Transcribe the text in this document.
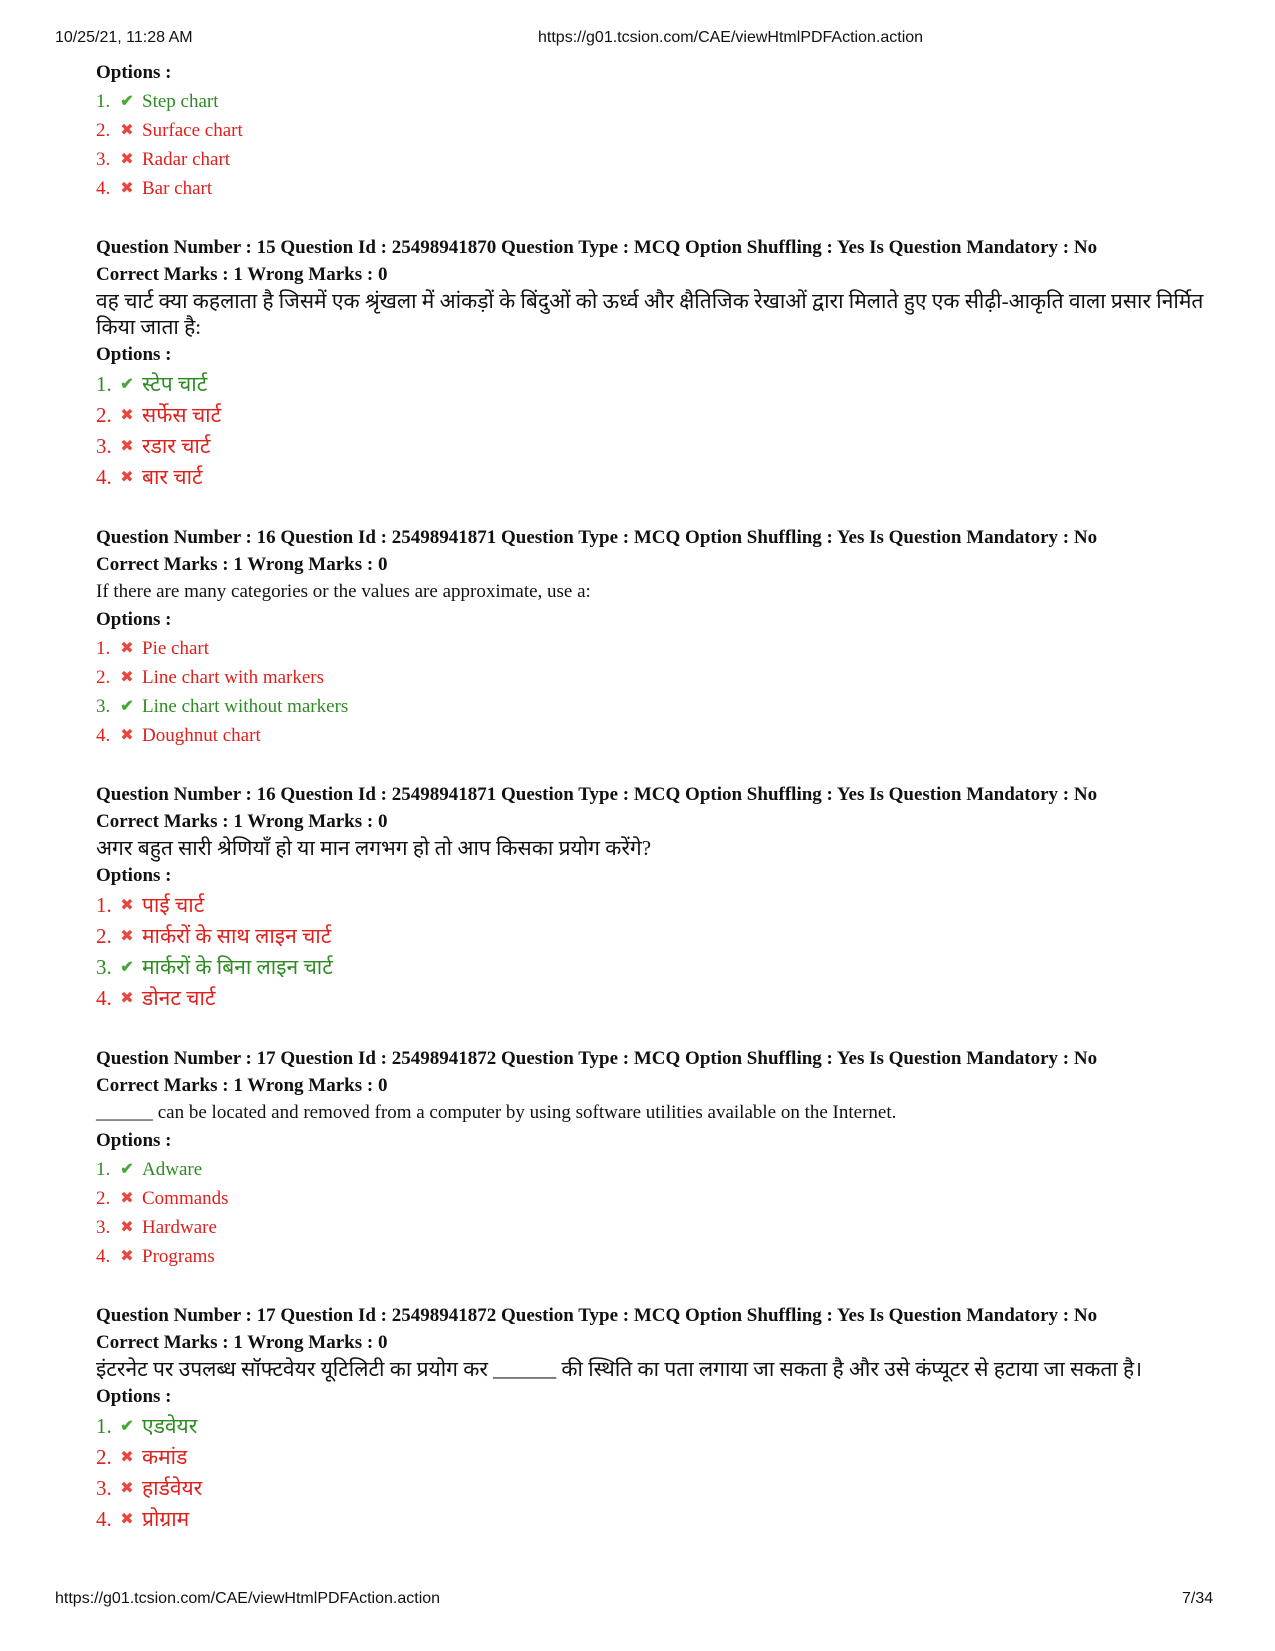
10/25/21, 11:28 AM	https://g01.tcsion.com/CAE/viewHtmlPDFAction.action
Options :
1. ✔ Step chart
2. ✖ Surface chart
3. ✖ Radar chart
4. ✖ Bar chart
Question Number : 15 Question Id : 25498941870 Question Type : MCQ Option Shuffling : Yes Is Question Mandatory : No
Correct Marks : 1 Wrong Marks : 0
वह चार्ट क्या कहलाता है जिसमें एक श्रृंखला में आंकड़ों के बिंदुओं को ऊर्ध्व और क्षैतिजिक रेखाओं द्वारा मिलाते हुए एक सीढ़ी-आकृति वाला प्रसार निर्मित किया जाता है:
Options :
1. ✔ स्टेप चार्ट
2. ✖ सर्फेस चार्ट
3. ✖ रडार चार्ट
4. ✖ बार चार्ट
Question Number : 16 Question Id : 25498941871 Question Type : MCQ Option Shuffling : Yes Is Question Mandatory : No
Correct Marks : 1 Wrong Marks : 0
If there are many categories or the values are approximate, use a:
Options :
1. ✖ Pie chart
2. ✖ Line chart with markers
3. ✔ Line chart without markers
4. ✖ Doughnut chart
Question Number : 16 Question Id : 25498941871 Question Type : MCQ Option Shuffling : Yes Is Question Mandatory : No
Correct Marks : 1 Wrong Marks : 0
अगर बहुत सारी श्रेणियाँ हो या मान लगभग हो तो आप किसका प्रयोग करेंगे?
Options :
1. ✖ पाई चार्ट
2. ✖ मार्करों के साथ लाइन चार्ट
3. ✔ मार्करों के बिना लाइन चार्ट
4. ✖ डोनट चार्ट
Question Number : 17 Question Id : 25498941872 Question Type : MCQ Option Shuffling : Yes Is Question Mandatory : No
Correct Marks : 1 Wrong Marks : 0
______ can be located and removed from a computer by using software utilities available on the Internet.
Options :
1. ✔ Adware
2. ✖ Commands
3. ✖ Hardware
4. ✖ Programs
Question Number : 17 Question Id : 25498941872 Question Type : MCQ Option Shuffling : Yes Is Question Mandatory : No
Correct Marks : 1 Wrong Marks : 0
इंटरनेट पर उपलब्ध सॉफ्टवेयर यूटिलिटी का प्रयोग कर ______ की स्थिति का पता लगाया जा सकता है और उसे कंप्यूटर से हटाया जा सकता है।
Options :
1. ✔ एडवेयर
2. ✖ कमांड
3. ✖ हार्डवेयर
4. ✖ प्रोग्राम
https://g01.tcsion.com/CAE/viewHtmlPDFAction.action	7/34
